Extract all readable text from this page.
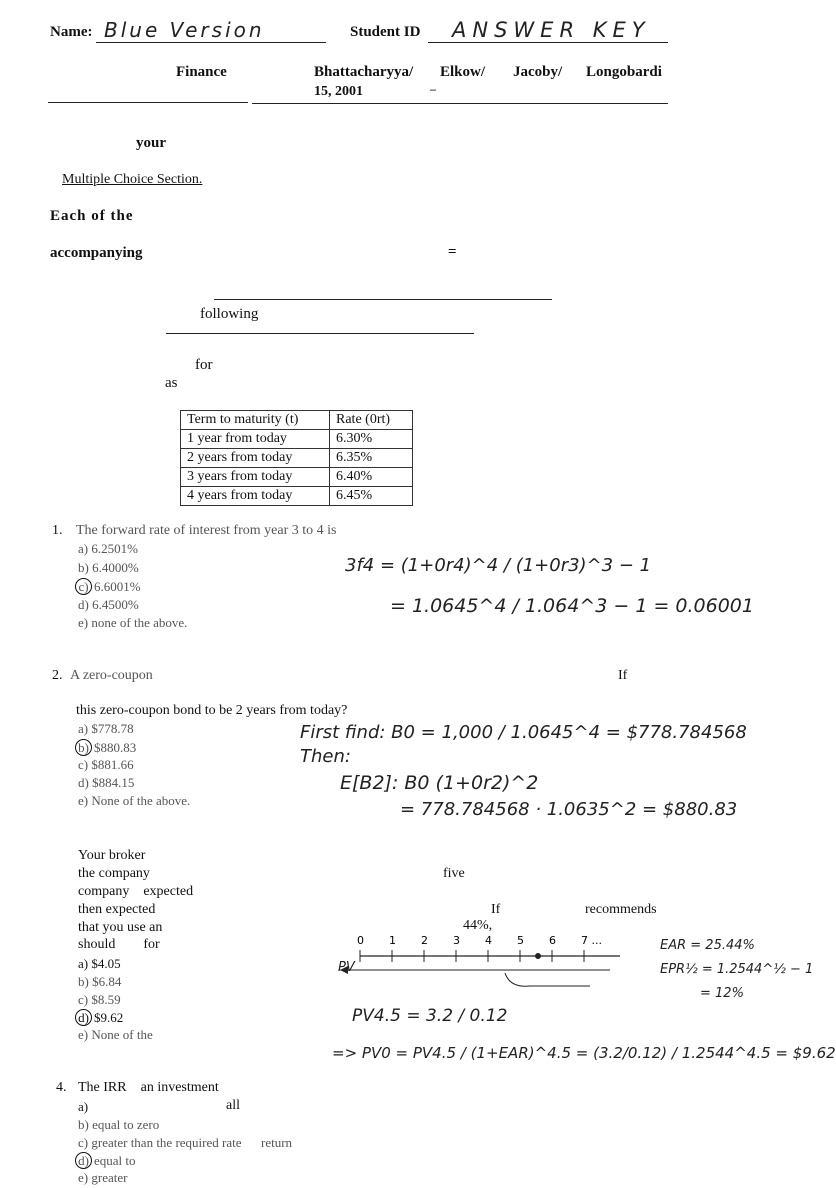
Name: Blue Version	Student ID ANSWER KEY
Finance	Bhattacharyya/ Elkow/ Jacoby/ Longobardi
15, 2001	–
your
Multiple Choice Section.
Each of the
accompanying	=
following
for
as
Term to maturity (t)	Rate (0rt)
1 year from today	6.30%
2 years from today	6.35%
3 years from today	6.40%
4 years from today	6.45%
1. The forward rate of interest from year 3 to 4 is
a) 6.2501%
b) 6.4000%
c) 6.6001%
d) 6.4500%
e) none of the above.
3f4 = (1+0r4)^4 / (1+0r3)^3 − 1
= 1.0645^4 / 1.064^3 − 1 = 0.06001
2. A zero-coupon	If
this zero-coupon bond to be 2 years from today?
a) $778.78
b) $880.83
c) $881.66
d) $884.15
e) None of the above.
First find: B0 = 1,000 / 1.0645^4 = $778.784568
Then:
E[B2]: B0 (1+0r2)^2
= 778.784568 · 1.0635^2 = $880.83
Your broker
the company
company    expected
then expected
that you use an
should        for
five
If	recommends
44%,
a) $4.05
b) $6.84
c) $8.59
d) $9.62
e) None of the
0 1 2 3 4 5 6 7 ...
PV
EAR = 25.44%
EPR½ = 1.2544^½ − 1
= 12%
PV4.5 = 3.2 / 0.12
=> PV0 = PV4.5 / (1+EAR)^4.5 = (3.2/0.12) / 1.2544^4.5 = $9.62
4. The IRR    an investment
all
a)
b) equal to zero
c) greater than the required rate      return
d) equal to
e) greater
